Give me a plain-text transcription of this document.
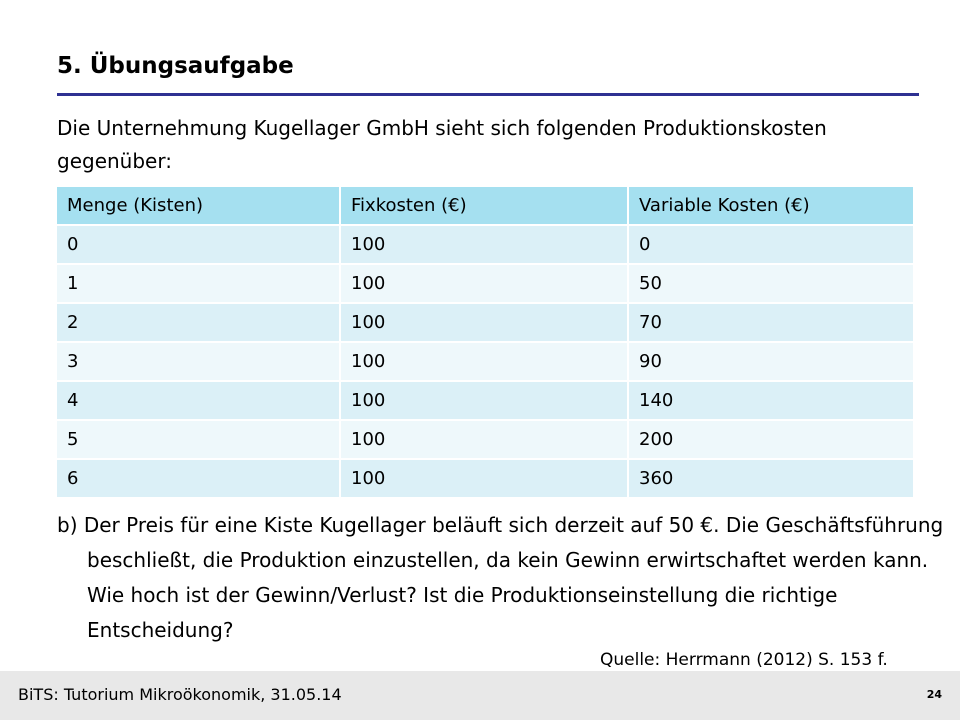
5. Übungsaufgabe

Die Unternehmung Kugellager GmbH sieht sich folgenden Produktionskosten gegenüber:

Menge (Kisten)	Fixkosten (€)	Variable Kosten (€)
0	100	0
1	100	50
2	100	70
3	100	90
4	100	140
5	100	200
6	100	360

b) Der Preis für eine Kiste Kugellager beläuft sich derzeit auf 50 €. Die Geschäftsführung beschließt, die Produktion einzustellen, da kein Gewinn erwirtschaftet werden kann. Wie hoch ist der Gewinn/Verlust? Ist die Produktionseinstellung die richtige Entscheidung?

Quelle: Herrmann (2012) S. 153 f.

BiTS: Tutorium Mikroökonomik, 31.05.14	24
